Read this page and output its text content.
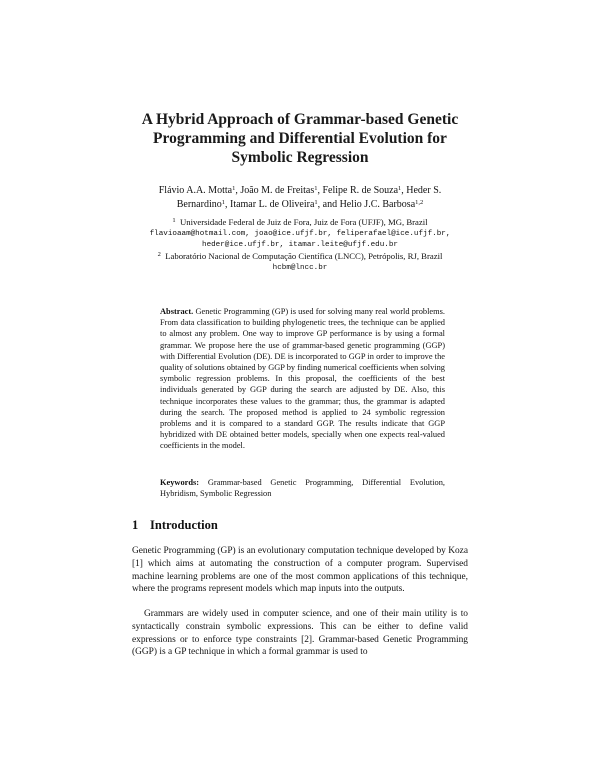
A Hybrid Approach of Grammar-based Genetic
Programming and Differential Evolution for
Symbolic Regression
Flávio A.A. Motta$^1$, João M. de Freitas$^1$, Felipe R. de Souza$^1$, Heder S.
Bernardino$^1$, Itamar L. de Oliveira$^1$, and Helio J.C. Barbosa$^{1,2}$
$^1$ Universidade Federal de Juiz de Fora, Juiz de Fora (UFJF), MG, Brazil
flavioaam@hotmail.com, joao@ice.ufjf.br, feliperafael@ice.ufjf.br,
heder@ice.ufjf.br, itamar.leite@ufjf.edu.br
$^2$ Laboratório Nacional de Computação Científica (LNCC), Petrópolis, RJ, Brazil
hcbm@lncc.br
Abstract. Genetic Programming (GP) is used for solving many real world problems. From data classification to building phylogenetic trees, the technique can be applied to almost any problem. One way to improve GP performance is by using a formal grammar. We propose here the use of grammar-based genetic programming (GGP) with Differential Evolution (DE). DE is incorporated to GGP in order to improve the quality of solutions obtained by GGP by finding numerical coefficients when solving symbolic regression problems. In this proposal, the coefficients of the best individuals generated by GGP during the search are adjusted by DE. Also, this technique incorporates these values to the grammar; thus, the grammar is adapted during the search. The proposed method is applied to 24 symbolic regression problems and it is compared to a standard GGP. The results indicate that GGP hybridized with DE obtained better models, specially when one expects real-valued coefficients in the model.
Keywords: Grammar-based Genetic Programming, Differential Evolution, Hybridism, Symbolic Regression
1 Introduction
Genetic Programming (GP) is an evolutionary computation technique developed by Koza [1] which aims at automating the construction of a computer program. Supervised machine learning problems are one of the most common applications of this technique, where the programs represent models which map inputs into the outputs.
Grammars are widely used in computer science, and one of their main utility is to syntactically constrain symbolic expressions. This can be either to define valid expressions or to enforce type constraints [2]. Grammar-based Genetic Programming (GGP) is a GP technique in which a formal grammar is used to
